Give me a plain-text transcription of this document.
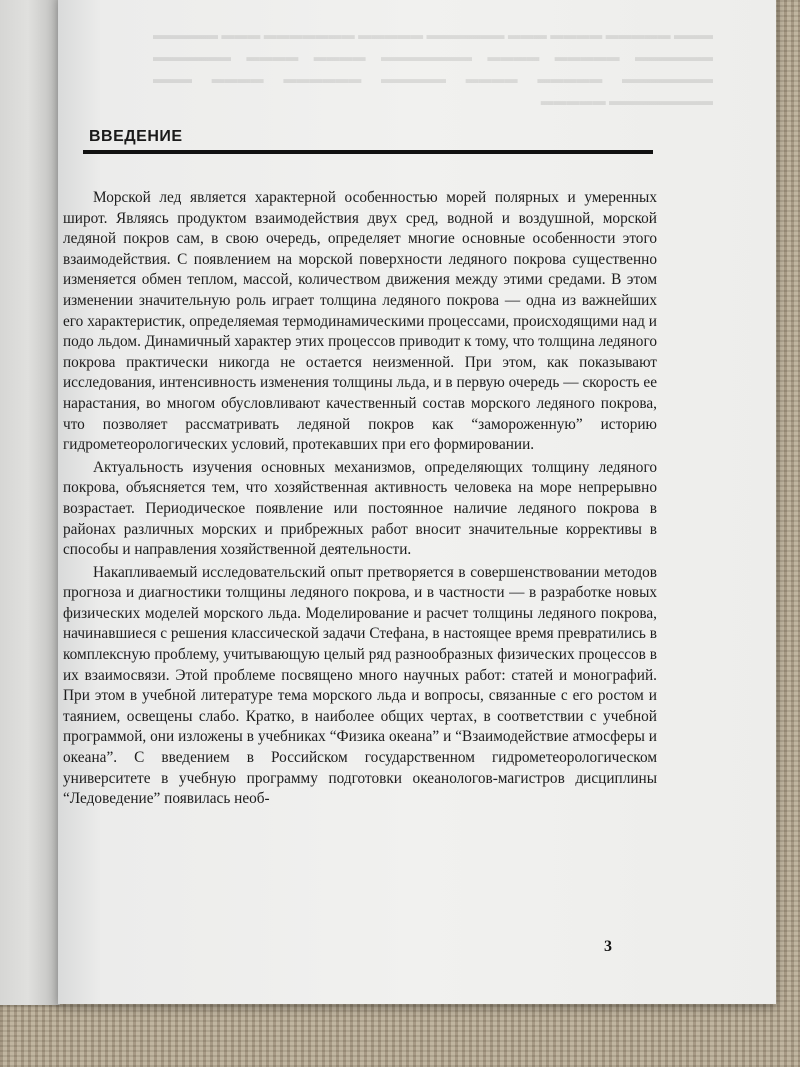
▬▬▬ ▬▬▬▬▬ ▬▬▬▬ ▬▬▬ ▬▬▬▬▬▬ ▬▬▬▬▬ ▬▬▬▬▬▬▬ ▬▬▬ ▬▬▬▬▬ ▬▬▬▬▬▬ ▬▬▬▬▬ ▬▬▬▬ ▬▬▬▬▬▬▬ ▬▬▬▬ ▬▬▬▬ ▬▬▬▬▬▬ ▬▬▬▬▬▬▬ ▬▬▬▬▬ ▬▬▬▬ ▬▬▬▬▬ ▬▬▬▬▬▬ ▬▬▬▬ ▬▬▬ ▬▬▬▬▬▬▬▬ ▬▬▬▬▬
ВВЕДЕНИЕ

Морской лед является характерной особенностью морей полярных и умеренных широт. Являясь продуктом взаимодействия двух сред, водной и воздушной, морской ледяной покров сам, в свою очередь, определяет многие основные особенности этого взаимодействия. С появлением на морской поверхности ледяного покрова существенно изменяется обмен теплом, массой, количеством движения между этими средами. В этом изменении значительную роль играет толщина ледяного покрова — одна из важнейших его характеристик, определяемая термодинамическими процессами, происходящими над и подо льдом. Динамичный характер этих процессов приводит к тому, что толщина ледяного покрова практически никогда не остается неизменной. При этом, как показывают исследования, интенсивность изменения толщины льда, и в первую очередь — скорость ее нарастания, во многом обусловливают качественный состав морского ледяного покрова, что позволяет рассматривать ледяной покров как “замороженную” историю гидрометеорологических условий, протекавших при его формировании.

Актуальность изучения основных механизмов, определяющих толщину ледяного покрова, объясняется тем, что хозяйственная активность человека на море непрерывно возрастает. Периодическое появление или постоянное наличие ледяного покрова в районах различных морских и прибрежных работ вносит значительные коррективы в способы и направления хозяйственной деятельности.

Накапливаемый исследовательский опыт претворяется в совершенствовании методов прогноза и диагностики толщины ледяного покрова, и в частности — в разработке новых физических моделей морского льда. Моделирование и расчет толщины ледяного покрова, начинавшиеся с решения классической задачи Стефана, в настоящее время превратились в комплексную проблему, учитывающую целый ряд разнообразных физических процессов в их взаимосвязи. Этой проблеме посвящено много научных работ: статей и монографий. При этом в учебной литературе тема морского льда и вопросы, связанные с его ростом и таянием, освещены слабо. Кратко, в наиболее общих чертах, в соответствии с учебной программой, они изложены в учебниках “Физика океана” и “Взаимодействие атмосферы и океана”. С введением в Российском государственном гидрометеорологическом университете в учебную программу подготовки океанологов-магистров дисциплины “Ледоведение” появилась необ-

3
